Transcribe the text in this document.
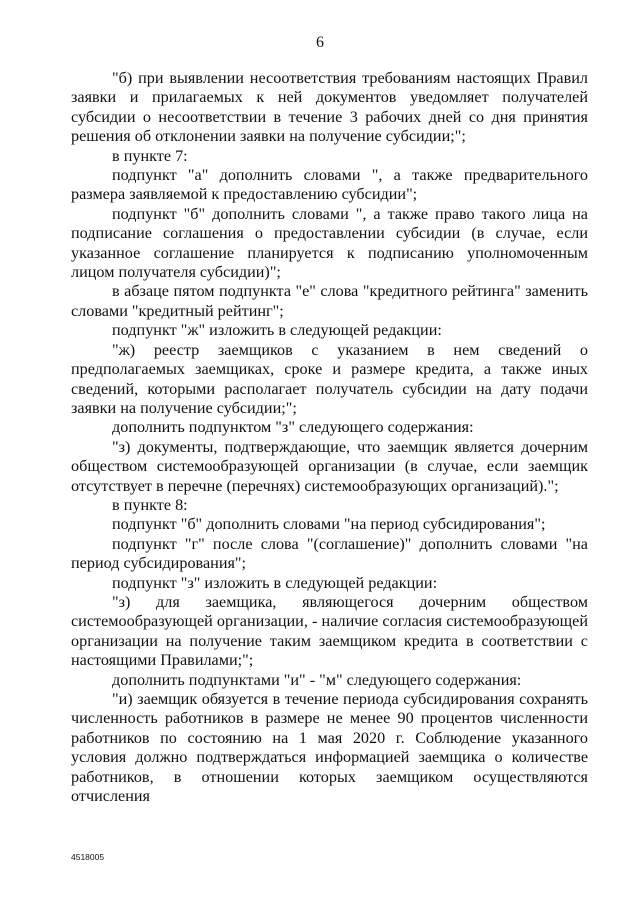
6

"б) при выявлении несоответствия требованиям настоящих Правил заявки и прилагаемых к ней документов уведомляет получателей субсидии о несоответствии в течение 3 рабочих дней со дня принятия решения об отклонении заявки на получение субсидии;";

в пункте 7:

подпункт "а" дополнить словами ", а также предварительного размера заявляемой к предоставлению субсидии";

подпункт "б" дополнить словами ", а также право такого лица на подписание соглашения о предоставлении субсидии (в случае, если указанное соглашение планируется к подписанию уполномоченным лицом получателя субсидии)";

в абзаце пятом подпункта "е" слова "кредитного рейтинга" заменить словами "кредитный рейтинг";

подпункт "ж" изложить в следующей редакции:

"ж) реестр заемщиков с указанием в нем сведений о предполагаемых заемщиках, сроке и размере кредита, а также иных сведений, которыми располагает получатель субсидии на дату подачи заявки на получение субсидии;";

дополнить подпунктом "з" следующего содержания:

"з) документы, подтверждающие, что заемщик является дочерним обществом системообразующей организации (в случае, если заемщик отсутствует в перечне (перечнях) системообразующих организаций).";

в пункте 8:

подпункт "б" дополнить словами "на период субсидирования";

подпункт "г" после слова "(соглашение)" дополнить словами "на период субсидирования";

подпункт "з" изложить в следующей редакции:

"з) для заемщика, являющегося дочерним обществом системообразующей организации, - наличие согласия системообразующей организации на получение таким заемщиком кредита в соответствии с настоящими Правилами;";

дополнить подпунктами "и" - "м" следующего содержания:

"и) заемщик обязуется в течение периода субсидирования сохранять численность работников в размере не менее 90 процентов численности работников по состоянию на 1 мая 2020 г. Соблюдение указанного условия должно подтверждаться информацией заемщика о количестве работников, в отношении которых заемщиком осуществляются отчисления

4518005
